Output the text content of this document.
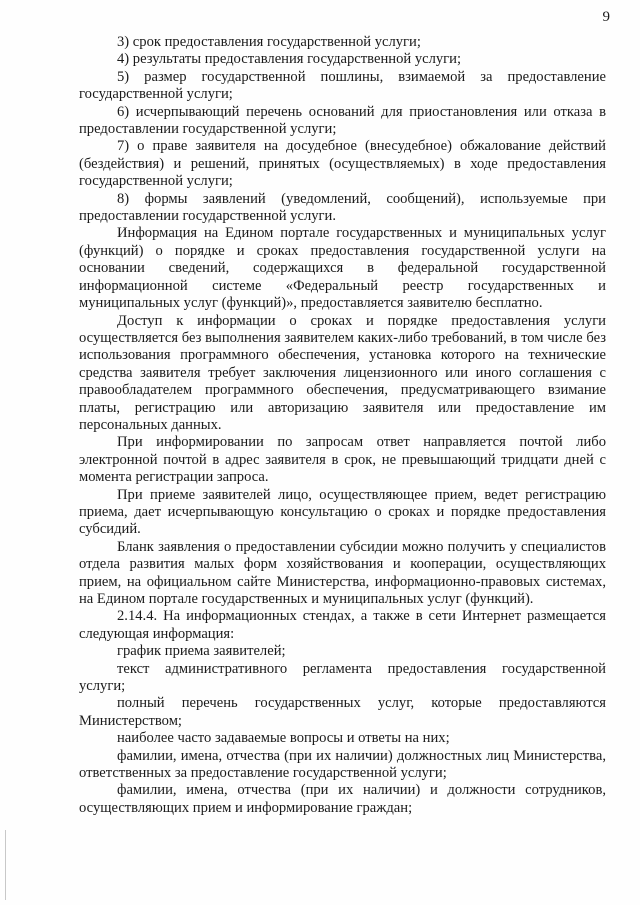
9

3) срок предоставления государственной услуги;

4) результаты предоставления государственной услуги;

5) размер государственной пошлины, взимаемой за предоставление государственной услуги;

6) исчерпывающий перечень оснований для приостановления или отказа в предоставлении государственной услуги;

7) о праве заявителя на досудебное (внесудебное) обжалование действий (бездействия) и решений, принятых (осуществляемых) в ходе предоставления государственной услуги;

8) формы заявлений (уведомлений, сообщений), используемые при предоставлении государственной услуги.

Информация на Едином портале государственных и муниципальных услуг (функций) о порядке и сроках предоставления государственной услуги на основании сведений, содержащихся в федеральной государственной информационной системе «Федеральный реестр государственных и муниципальных услуг (функций)», предоставляется заявителю бесплатно.

Доступ к информации о сроках и порядке предоставления услуги осуществляется без выполнения заявителем каких-либо требований, в том числе без использования программного обеспечения, установка которого на технические средства заявителя требует заключения лицензионного или иного соглашения с правообладателем программного обеспечения, предусматривающего взимание платы, регистрацию или авторизацию заявителя или предоставление им персональных данных.

При информировании по запросам ответ направляется почтой либо электронной почтой в адрес заявителя в срок, не превышающий тридцати дней с момента регистрации запроса.

При приеме заявителей лицо, осуществляющее прием, ведет регистрацию приема, дает исчерпывающую консультацию о сроках и порядке предоставления субсидий.

Бланк заявления о предоставлении субсидии можно получить у специалистов отдела развития малых форм хозяйствования и кооперации, осуществляющих прием, на официальном сайте Министерства, информационно-правовых системах, на Едином портале государственных и муниципальных услуг (функций).

2.14.4. На информационных стендах, а также в сети Интернет размещается следующая информация:

график приема заявителей;

текст административного регламента предоставления государственной услуги;

полный перечень государственных услуг, которые предоставляются Министерством;

наиболее часто задаваемые вопросы и ответы на них;

фамилии, имена, отчества (при их наличии) должностных лиц Министерства, ответственных за предоставление государственной услуги;

фамилии, имена, отчества (при их наличии) и должности сотрудников, осуществляющих прием и информирование граждан;
